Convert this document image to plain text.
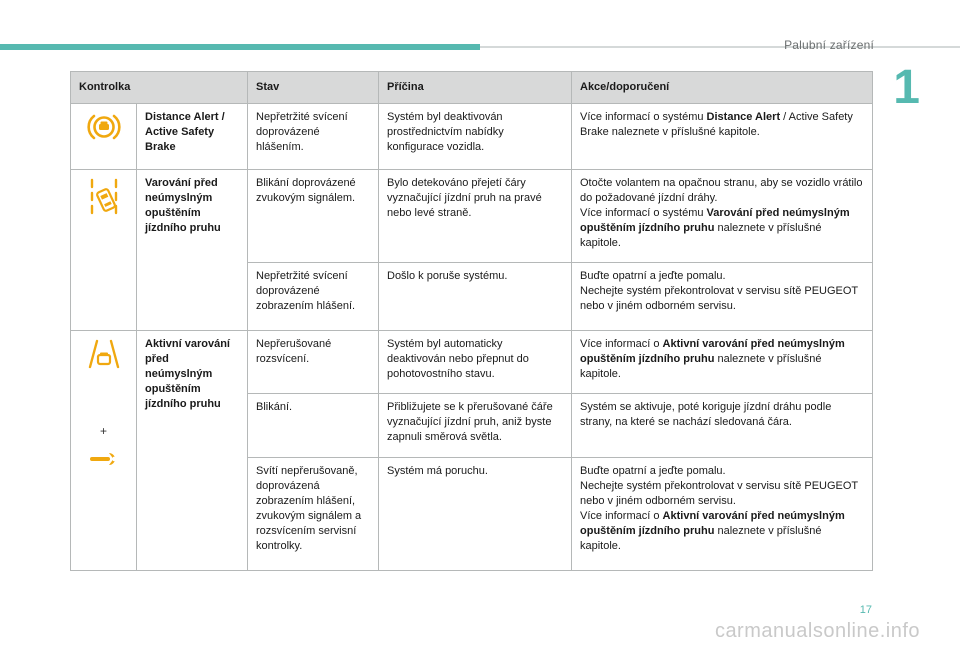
Palubní zařízení
1
Kontrolka		Stav	Příčina	Akce/doporučení
	Distance Alert / Active Safety Brake	Nepřetržité svícení doprovázené hlášením.	Systém byl deaktivován prostřednictvím nabídky konfigurace vozidla.	Více informací o systému Distance Alert / Active Safety Brake naleznete v příslušné kapitole.
	Varování před neúmyslným opuštěním jízdního pruhu	Blikání doprovázené zvukovým signálem.	Bylo detekováno přejetí čáry vyznačující jízdní pruh na pravé nebo levé straně.	Otočte volantem na opačnou stranu, aby se vozidlo vrátilo do požadované jízdní dráhy.
Více informací o systému Varování před neúmyslným opuštěním jízdního pruhu naleznete v příslušné kapitole.
		Nepřetržité svícení doprovázené zobrazením hlášení.	Došlo k poruše systému.	Buďte opatrní a jeďte pomalu.
Nechejte systém překontrolovat v servisu sítě PEUGEOT nebo v jiném odborném servisu.

+	Aktivní varování před neúmyslným opuštěním jízdního pruhu	Nepřerušované rozsvícení.	Systém byl automaticky deaktivován nebo přepnut do pohotovostního stavu.	Více informací o Aktivní varování před neúmyslným opuštěním jízdního pruhu naleznete v příslušné kapitole.
		Blikání.	Přibližujete se k přerušované čáře vyznačující jízdní pruh, aniž byste zapnuli směrová světla.	Systém se aktivuje, poté koriguje jízdní dráhu podle strany, na které se nachází sledovaná čára.
		Svítí nepřerušovaně, doprovázená zobrazením hlášení, zvukovým signálem a rozsvícením servisní kontrolky.	Systém má poruchu.	Buďte opatrní a jeďte pomalu.
Nechejte systém překontrolovat v servisu sítě PEUGEOT nebo v jiném odborném servisu.
Více informací o Aktivní varování před neúmyslným opuštěním jízdního pruhu naleznete v příslušné kapitole.
17
carmanualsonline.info
